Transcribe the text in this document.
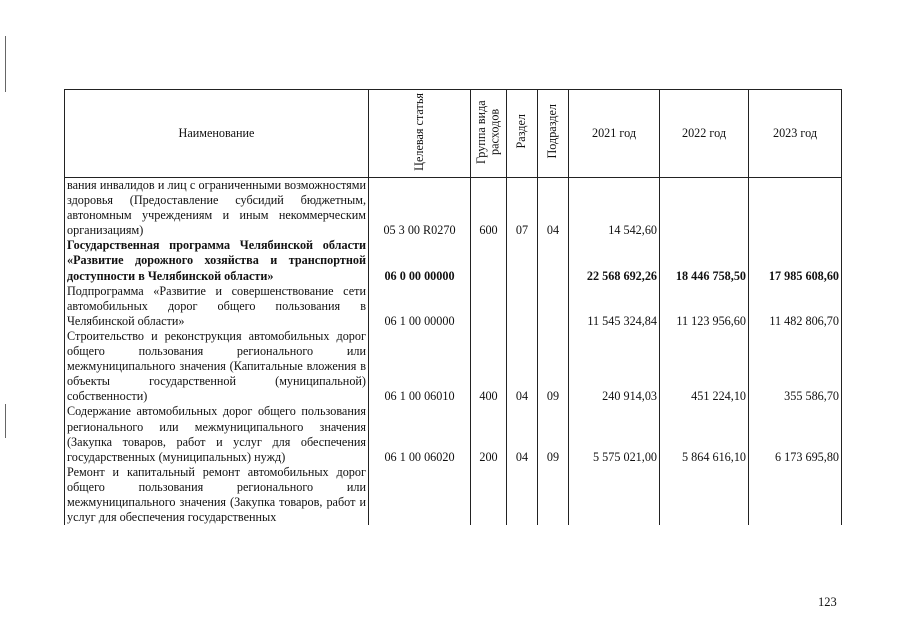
Наименование	Целевая статья	Группа вида расходов	Раздел	Подраздел	2021 год	2022 год	2023 год
вания инвалидов и лиц с ограниченными возможностями здоровья (Предоставление субсидий бюджетным, автономным учреждениям и иным некоммерческим организациям)	05 3 00 R0270	600	07	04	14 542,60		
Государственная программа Челябинской области «Развитие дорожного хозяйства и транспортной доступности в Челябинской области»	06 0 00 00000				22 568 692,26	18 446 758,50	17 985 608,60
Подпрограмма «Развитие и совершенствование сети автомобильных дорог общего пользования в Челябинской области»	06 1 00 00000				11 545 324,84	11 123 956,60	11 482 806,70
Строительство и реконструкция автомобильных дорог общего пользования регионального или межмуниципального значения (Капитальные вложения в объекты государственной (муниципальной) собственности)	06 1 00 06010	400	04	09	240 914,03	451 224,10	355 586,70
Содержание автомобильных дорог общего пользования регионального или межмуниципального значения (Закупка товаров, работ и услуг для обеспечения государственных (муниципальных) нужд)	06 1 00 06020	200	04	09	5 575 021,00	5 864 616,10	6 173 695,80
Ремонт и капитальный ремонт автомобильных дорог общего пользования регионального или межмуниципального значения (Закупка товаров, работ и услуг для обеспечения государственных							
123
